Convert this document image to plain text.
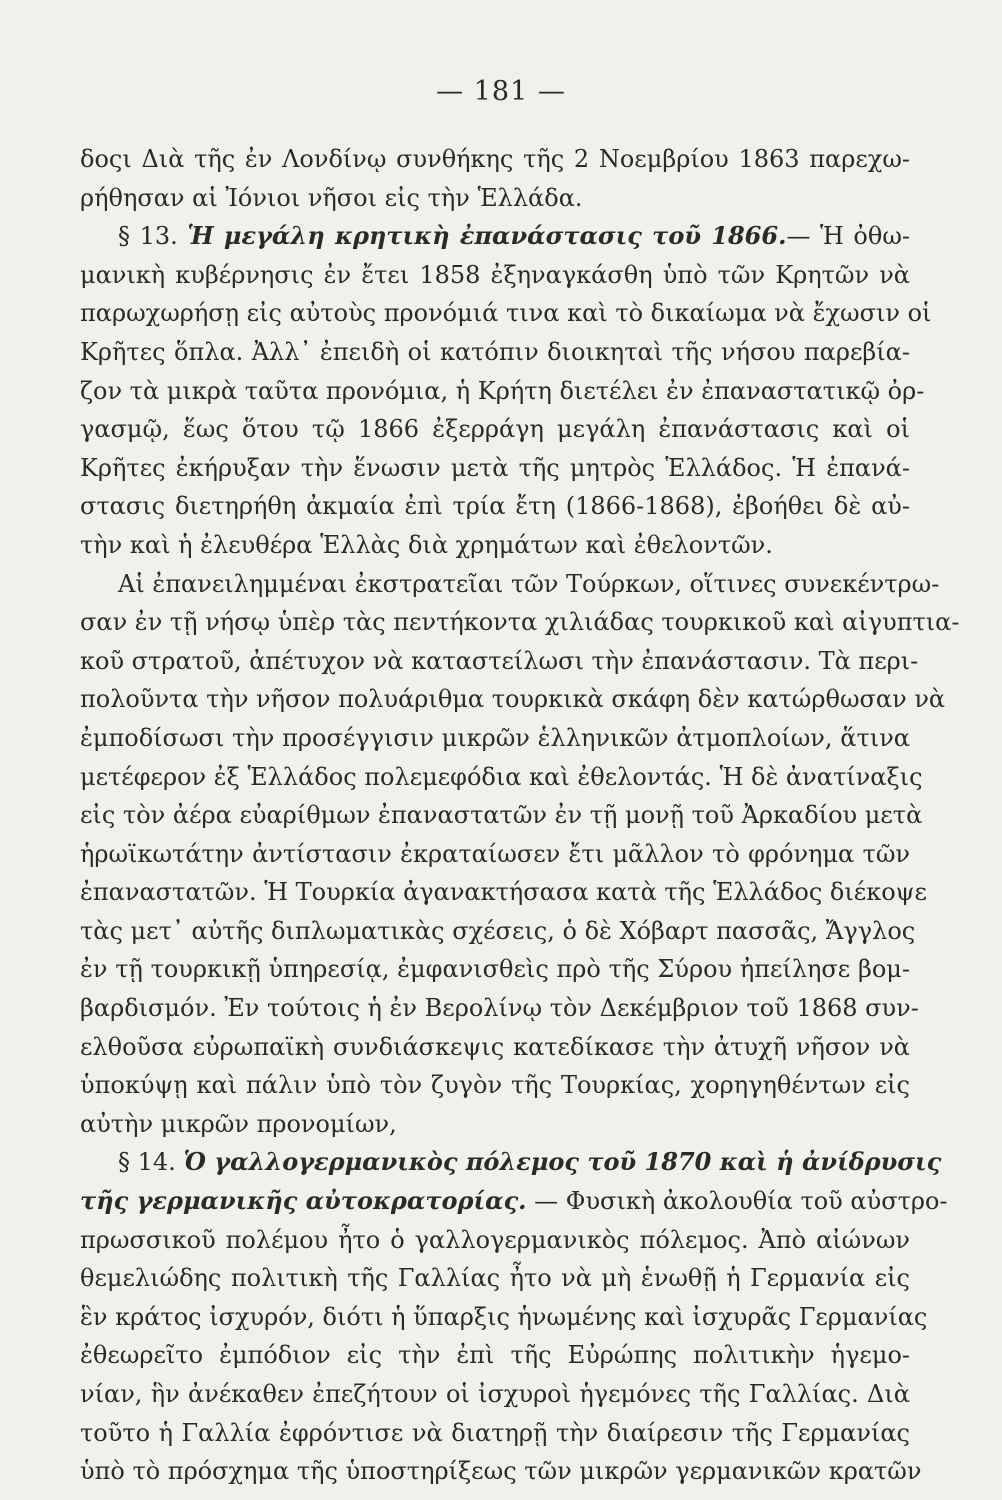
— 181 —
δοςι Διὰ τῆς ἐν Λονδίνῳ συνθήκης τῆς 2 Νοεμβρίου 1863 παρεχω-
ρήθησαν αἱ Ἰόνιοι νῆσοι εἰς τὴν Ἑλλάδα.
§ 13. Ἡ μεγάλη κρητικὴ ἐπανάστασις τοῦ 1866.— Ἡ ὀθω-
μανικὴ κυβέρνησις ἐν ἔτει 1858 ἐξηναγκάσθη ὑπὸ τῶν Κρητῶν νὰ
παρωχωρήσῃ εἰς αὐτοὺς προνόμιά τινα καὶ τὸ δικαίωμα νὰ ἔχωσιν οἱ
Κρῆτες ὅπλα. Ἀλλ᾿ ἐπειδὴ οἱ κατόπιν διοικηταὶ τῆς νήσου παρεβία-
ζον τὰ μικρὰ ταῦτα προνόμια, ἡ Κρήτη διετέλει ἐν ἐπαναστατικῷ ὀρ-
γασμῷ, ἕως ὅτου τῷ 1866 ἐξερράγη μεγάλη ἐπανάστασις καὶ οἱ
Κρῆτες ἐκήρυξαν τὴν ἕνωσιν μετὰ τῆς μητρὸς Ἑλλάδος. Ἡ ἐπανά-
στασις διετηρήθη ἀκμαία ἐπὶ τρία ἔτη (1866-1868), ἐβοήθει δὲ αὐ-
τὴν καὶ ἡ ἐλευθέρα Ἑλλὰς διὰ χρημάτων καὶ ἐθελοντῶν.
Αἱ ἐπανειλημμέναι ἐκστρατεῖαι τῶν Τούρκων, οἵτινες συνεκέντρω-
σαν ἐν τῇ νήσῳ ὑπὲρ τὰς πεντήκοντα χιλιάδας τουρκικοῦ καὶ αἰγυπτια-
κοῦ στρατοῦ, ἀπέτυχον νὰ καταστείλωσι τὴν ἐπανάστασιν. Τὰ περι-
πολοῦντα τὴν νῆσον πολυάριθμα τουρκικὰ σκάφη δὲν κατώρθωσαν νὰ
ἐμποδίσωσι τὴν προσέγγισιν μικρῶν ἑλληνικῶν ἀτμοπλοίων, ἅτινα
μετέφερον ἐξ Ἑλλάδος πολεμεφόδια καὶ ἐθελοντάς. Ἡ δὲ ἀνατίναξις
εἰς τὸν ἀέρα εὐαρίθμων ἐπαναστατῶν ἐν τῇ μονῇ τοῦ Ἀρκαδίου μετὰ
ἡρωϊκωτάτην ἀντίστασιν ἐκραταίωσεν ἔτι μᾶλλον τὸ φρόνημα τῶν
ἐπαναστατῶν. Ἡ Τουρκία ἀγανακτήσασα κατὰ τῆς Ἑλλάδος διέκοψε
τὰς μετ᾿ αὐτῆς διπλωματικὰς σχέσεις, ὁ δὲ Χόβαρτ πασσᾶς, Ἄγγλος
ἐν τῇ τουρκικῇ ὑπηρεσίᾳ, ἐμφανισθεὶς πρὸ τῆς Σύρου ἠπείλησε βομ-
βαρδισμόν. Ἐν τούτοις ἡ ἐν Βερολίνῳ τὸν Δεκέμβριον τοῦ 1868 συν-
ελθοῦσα εὐρωπαϊκὴ συνδιάσκεψις κατεδίκασε τὴν ἀτυχῆ νῆσον νὰ
ὑποκύψῃ καὶ πάλιν ὑπὸ τὸν ζυγὸν τῆς Τουρκίας, χορηγηθέντων εἰς
αὐτὴν μικρῶν προνομίων,
§ 14. Ὁ γαλλογερμανικὸς πόλεμος τοῦ 1870 καὶ ἡ ἀνίδρυσις
τῆς γερμανικῆς αὐτοκρατορίας. — Φυσικὴ ἀκολουθία τοῦ αὐστρο-
πρωσσικοῦ πολέμου ἦτο ὁ γαλλογερμανικὸς πόλεμος. Ἀπὸ αἰώνων
θεμελιώδης πολιτικὴ τῆς Γαλλίας ἦτο νὰ μὴ ἑνωθῇ ἡ Γερμανία εἰς
ἓν κράτος ἰσχυρόν, διότι ἡ ὕπαρξις ἡνωμένης καὶ ἰσχυρᾶς Γερμανίας
ἐθεωρεῖτο ἐμπόδιον εἰς τὴν ἐπὶ τῆς Εὐρώπης πολιτικὴν ἡγεμο-
νίαν, ἣν ἀνέκαθεν ἐπεζήτουν οἱ ἰσχυροὶ ἡγεμόνες τῆς Γαλλίας. Διὰ
τοῦτο ἡ Γαλλία ἐφρόντισε νὰ διατηρῇ τὴν διαίρεσιν τῆς Γερμανίας
ὑπὸ τὸ πρόσχημα τῆς ὑποστηρίξεως τῶν μικρῶν γερμανικῶν κρατῶν
